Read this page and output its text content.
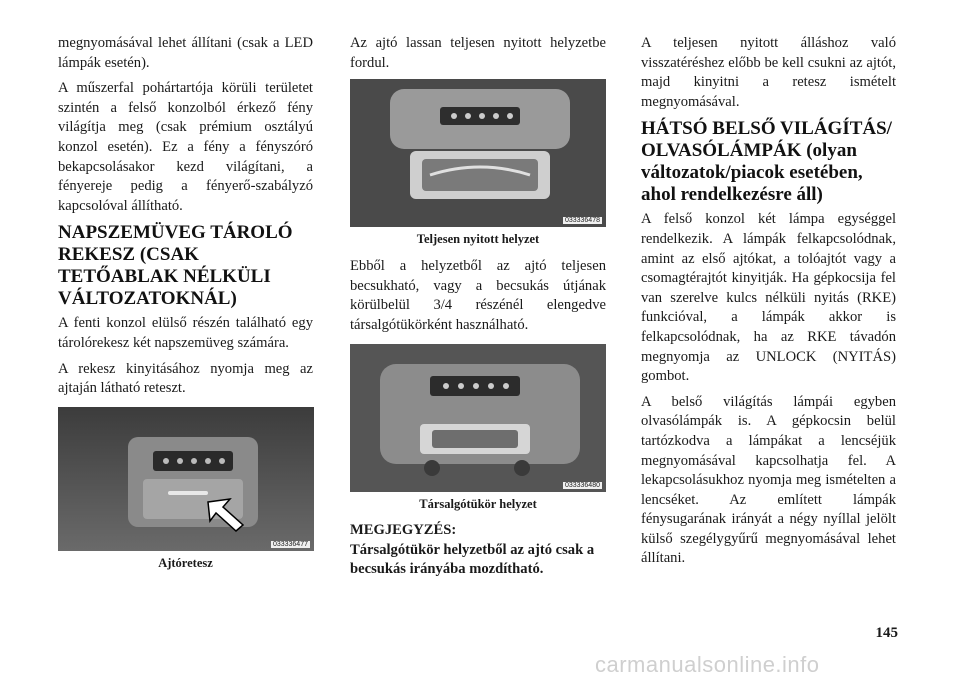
megnyomásával lehet állítani (csak a LED lámpák esetén).

A műszerfal pohártartója körüli területet szintén a felső konzolból érkező fény világítja meg (csak prémium osztályú konzol esetén). Ez a fény a fényszóró bekapcsolásakor kezd világítani, a fényereje pedig a fényerő-szabályzó kapcsolóval állítható.

NAPSZEMÜVEG TÁROLÓ REKESZ (CSAK TETŐABLAK NÉLKÜLI VÁLTOZATOKNÁL)

A fenti konzol elülső részén található egy tárolórekesz két napszemüveg számára.

A rekesz kinyitásához nyomja meg az ajtaján látható reteszt.

033336477
Ajtóretesz

Az ajtó lassan teljesen nyitott helyzetbe fordul.

033336478
Teljesen nyitott helyzet

Ebből a helyzetből az ajtó teljesen becsukható, vagy a becsukás útjának körülbelül 3/4 részénél elengedve társalgótükörként használható.

033336480
Társalgótükör helyzet
MEGJEGYZÉS:

Társalgótükör helyzetből az ajtó csak a becsukás irányába mozdítható.

A teljesen nyitott álláshoz való visszatéréshez előbb be kell csukni az ajtót, majd kinyitni a retesz ismételt megnyomásával.

HÁTSÓ BELSŐ VILÁGÍTÁS/ OLVASÓLÁMPÁK (olyan változatok/piacok esetében, ahol rendelkezésre áll)

A felső konzol két lámpa egységgel rendelkezik. A lámpák felkapcsolódnak, amint az első ajtókat, a tolóajtót vagy a csomagtérajtót kinyitják. Ha gépkocsija fel van szerelve kulcs nélküli nyitás (RKE) funkcióval, a lámpák akkor is felkapcsolódnak, ha az RKE távadón megnyomja az UNLOCK (NYITÁS) gombot.

A belső világítás lámpái egyben olvasólámpák is. A gépkocsin belül tartózkodva a lámpákat a lencséjük megnyomásával kapcsolhatja fel. A lekapcsolásukhoz nyomja meg ismételten a lencséket. Az említett lámpák fénysugarának irányát a négy nyíllal jelölt külső szegélygyűrű megnyomásával lehet állítani.

145
carmanualsonline.info
